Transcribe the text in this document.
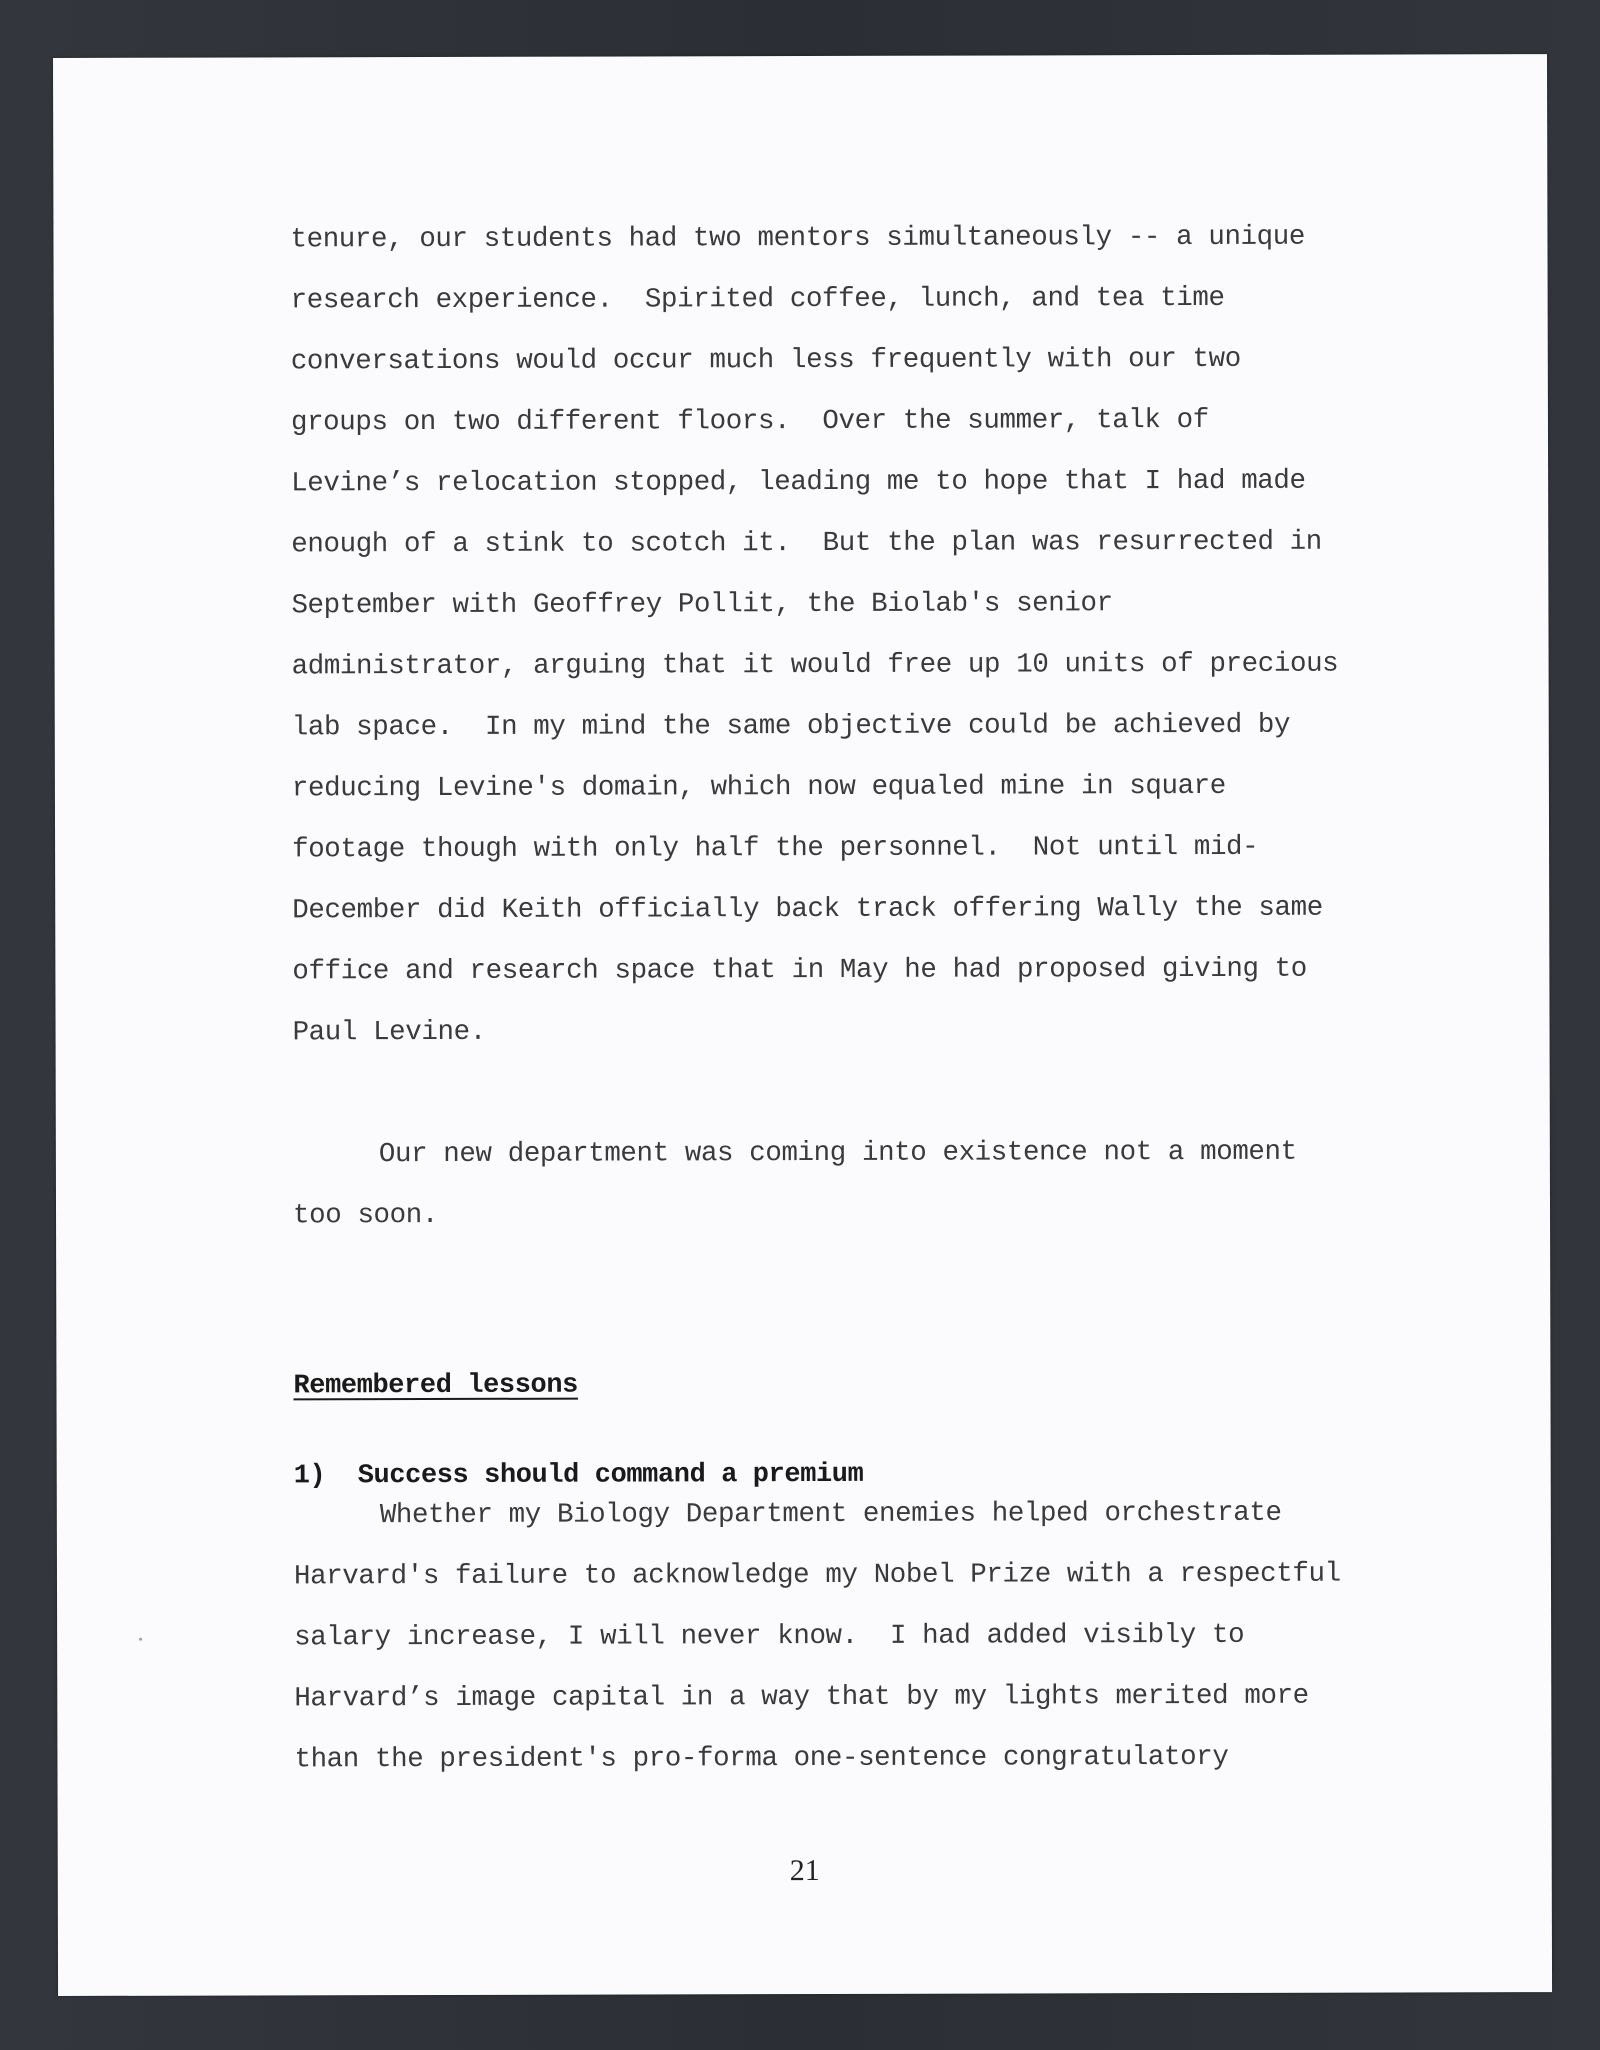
tenure, our students had two mentors simultaneously -- a unique
research experience.  Spirited coffee, lunch, and tea time
conversations would occur much less frequently with our two
groups on two different floors.  Over the summer, talk of
Levine’s relocation stopped, leading me to hope that I had made
enough of a stink to scotch it.  But the plan was resurrected in
September with Geoffrey Pollit, the Biolab's senior
administrator, arguing that it would free up 10 units of precious
lab space.  In my mind the same objective could be achieved by
reducing Levine's domain, which now equaled mine in square
footage though with only half the personnel.  Not until mid-
December did Keith officially back track offering Wally the same
office and research space that in May he had proposed giving to
Paul Levine.
Our new department was coming into existence not a moment
too soon.
Remembered lessons
1) Success should command a premium
Whether my Biology Department enemies helped orchestrate
Harvard's failure to acknowledge my Nobel Prize with a respectful
salary increase, I will never know.  I had added visibly to
Harvard’s image capital in a way that by my lights merited more
than the president's pro-forma one-sentence congratulatory
21
